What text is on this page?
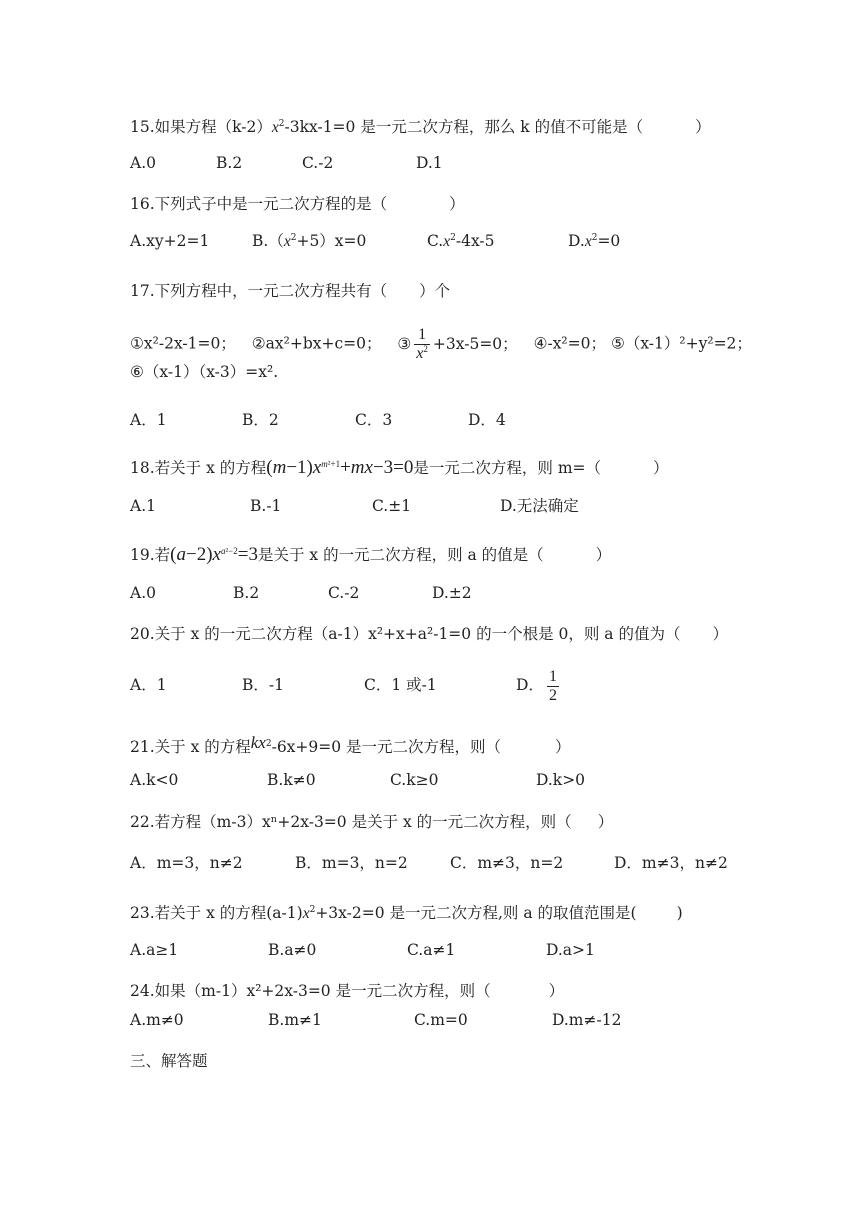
15.如果方程$(k-2)x^2-3kx-1=0$ 是一元二次方程，那么 k 的值不可能是（	）
A.0	B.2	C.-2	D.1
16.下列式子中是一元二次方程的是（	）
A.xy+2=1	$B.(x^2+5)x=0$	$C.x^2-4x-5$	$D.x^2=0$
17.下列方程中，一元二次方程共有（ ）个
①x²-2x-1=0； ②ax²+bx+c=0； ③ $\frac{1}{x^2} +3x-5=0$； ④-x²=0； ⑤（x-1）²+y²=2；
⑥（x-1）（x-3）=x².
A．1	B．2	C．3	D．4
18.若关于 x 的方程$(m-1)x^{m^2+1}+mx-3=0$是一元二次方程，则 m=（	）
A.1	B.-1	C.±1	D.无法确定
19.若$(a-2)x^{a^2-2}=3$是关于 x 的一元二次方程，则 a 的值是（	）
A.0	B.2	C.-2	D.±2
20.关于 x 的一元二次方程（a-1）x²+x+a²-1=0 的一个根是 0，则 a 的值为（ ）
A．1	B．-1	C．1 或-1	D． $\frac{1}{2}$
21.关于 x 的方程$kx^2-6x+9=0$ 是一元二次方程，则（	）
A.k<0	B.k≠0	C.k≥0	D.k>0
22.若方程（m-3）xⁿ+2x-3=0 是关于 x 的一元二次方程，则（ ）
A．m=3，n≠2	B．m=3，n=2	C．m≠3，n=2	D．m≠3，n≠2
23.若关于 x 的方程$(a-1)x^2+3x-2=0$ 是一元二次方程,则 a 的取值范围是(	)
A.a≥1	B.a≠0	C.a≠1	D.a>1
24.如果（m-1）x²+2x-3=0 是一元二次方程，则（	）
A.m≠0	B.m≠1	C.m=0	D.m≠-12
三、解答题
